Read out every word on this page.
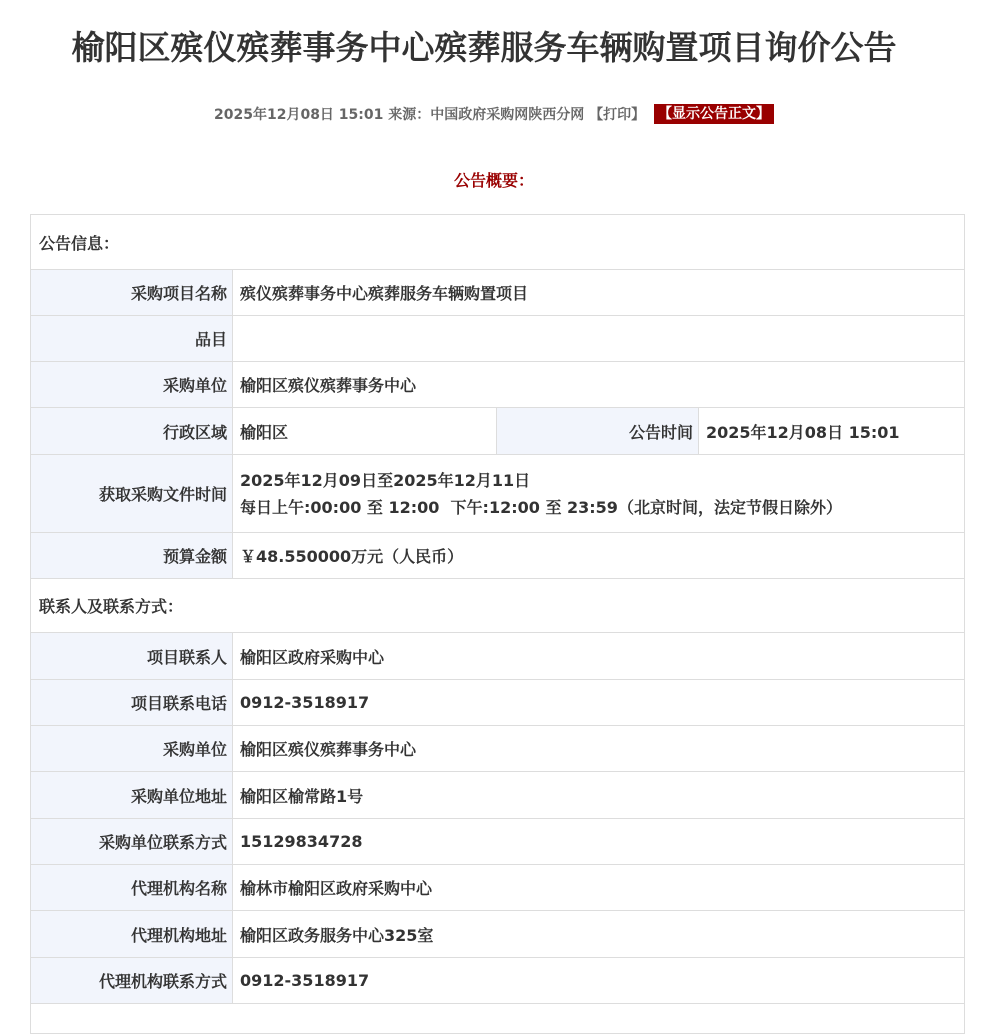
榆阳区殡仪殡葬事务中心殡葬服务车辆购置项目询价公告
2025年12月08日 15:01 来源：中国政府采购网陕西分网 【打印】 【显示公告正文】
公告概要：
公告信息：			
采购项目名称	殡仪殡葬事务中心殡葬服务车辆购置项目		
品目			
采购单位	榆阳区殡仪殡葬事务中心		
行政区域	榆阳区	公告时间	2025年12月08日 15:01
获取采购文件时间	2025年12月09日至2025年12月11日
每日上午:00:00 至 12:00  下午:12:00 至 23:59（北京时间，法定节假日除外）		

预算金额	￥48.550000万元（人民币）		
联系人及联系方式：			
项目联系人	榆阳区政府采购中心		
项目联系电话	0912-3518917		
采购单位	榆阳区殡仪殡葬事务中心		
采购单位地址	榆阳区榆常路1号		
采购单位联系方式	15129834728		
代理机构名称	榆林市榆阳区政府采购中心		
代理机构地址	榆阳区政务服务中心325室		
代理机构联系方式	0912-3518917		
